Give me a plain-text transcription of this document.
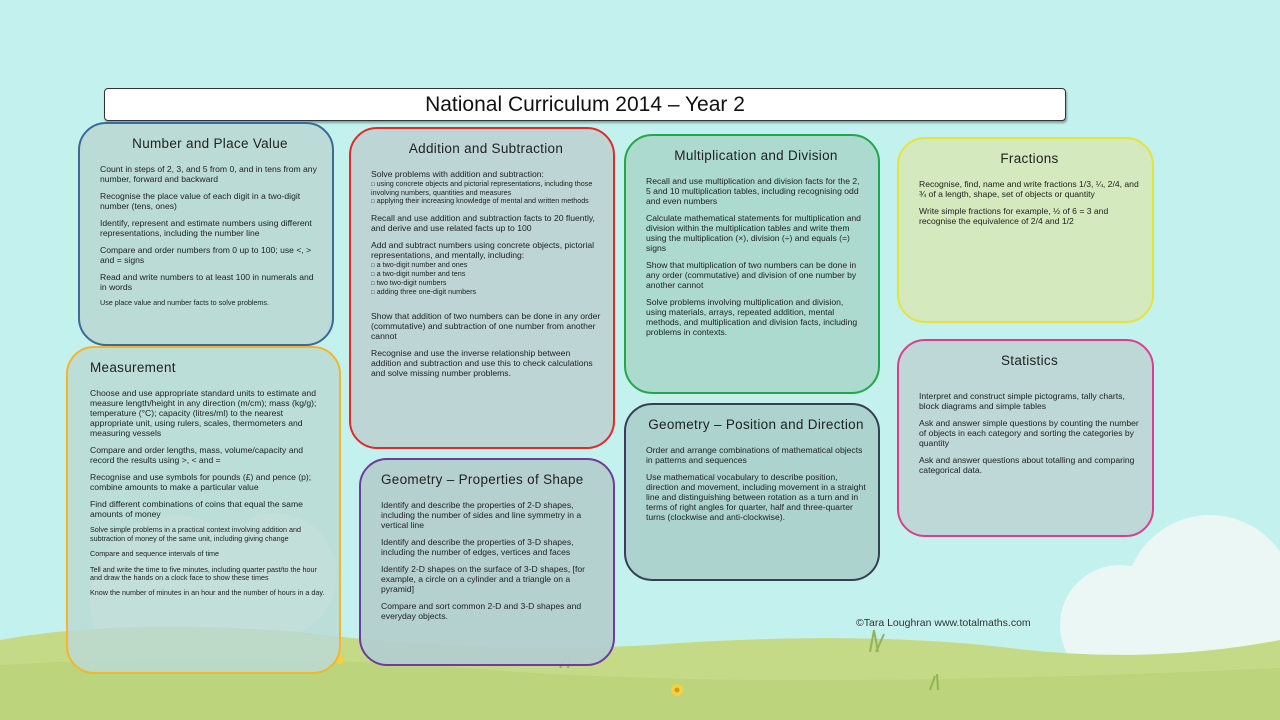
National Curriculum 2014 – Year 2
Number and Place Value

Count in steps of 2, 3, and 5 from 0, and in tens from any number, forward and backward

Recognise the place value of each digit in a two-digit number (tens, ones)

Identify, represent and estimate numbers using different representations, including the number line

Compare and order numbers from 0 up to 100; use <, > and = signs

Read and write numbers to at least 100 in numerals and in words

Use place value and number facts to solve problems.

Measurement

Choose and use appropriate standard units to estimate and measure length/height in any direction (m/cm); mass (kg/g); temperature (°C); capacity (litres/ml) to the nearest appropriate unit, using rulers, scales, thermometers and measuring vessels

Compare and order lengths, mass, volume/capacity and record the results using >, < and =

Recognise and use symbols for pounds (£) and pence (p); combine amounts to make a particular value

Find different combinations of coins that equal the same amounts of money

Solve simple problems in a practical context involving addition and subtraction of money of the same unit, including giving change

Compare and sequence intervals of time

Tell and write the time to five minutes, including quarter past/to the hour and draw the hands on a clock face to show these times

Know the number of minutes in an hour and the number of hours in a day.

Addition and Subtraction

Solve problems with addition and subtraction:

□ using concrete objects and pictorial representations, including those involving numbers, quantities and measures
□ applying their increasing knowledge of mental and written methods

Recall and use addition and subtraction facts to 20 fluently, and derive and use related facts up to 100

Add and subtract numbers using concrete objects, pictorial representations, and mentally, including:

□ a two-digit number and ones
□ a two-digit number and tens
□ two two-digit numbers
□ adding three one-digit numbers

Show that addition of two numbers can be done in any order (commutative) and subtraction of one number from another cannot

Recognise and use the inverse relationship between addition and subtraction and use this to check calculations and solve missing number problems.

Geometry – Properties of Shape

Identify and describe the properties of 2-D shapes, including the number of sides and line symmetry in a vertical line

Identify and describe the properties of 3-D shapes, including the number of edges, vertices and faces

Identify 2-D shapes on the surface of 3-D shapes, [for example, a circle on a cylinder and a triangle on a pyramid]

Compare and sort common 2-D and 3-D shapes and everyday objects.

Multiplication and Division

Recall and use multiplication and division facts for the 2, 5 and 10 multiplication tables, including recognising odd and even numbers

Calculate mathematical statements for multiplication and division within the multiplication tables and write them using the multiplication (×), division (÷) and equals (=) signs

Show that multiplication of two numbers can be done in any order (commutative) and division of one number by another cannot

Solve problems involving multiplication and division, using materials, arrays, repeated addition, mental methods, and multiplication and division facts, including problems in contexts.

Geometry – Position and Direction

Order and arrange combinations of mathematical objects in patterns and sequences

Use mathematical vocabulary to describe position, direction and movement, including movement in a straight line and distinguishing between rotation as a turn and in terms of right angles for quarter, half and three-quarter turns (clockwise and anti-clockwise).

Fractions

Recognise, find, name and write fractions 1/3, ¼, 2/4, and ¾ of a length, shape, set of objects or quantity

Write simple fractions for example, ½ of 6 = 3 and recognise the equivalence of 2/4 and 1/2

Statistics

Interpret and construct simple pictograms, tally charts, block diagrams and simple tables

Ask and answer simple questions by counting the number of objects in each category and sorting the categories by quantity

Ask and answer questions about totalling and comparing categorical data.

©Tara Loughran www.totalmaths.com
